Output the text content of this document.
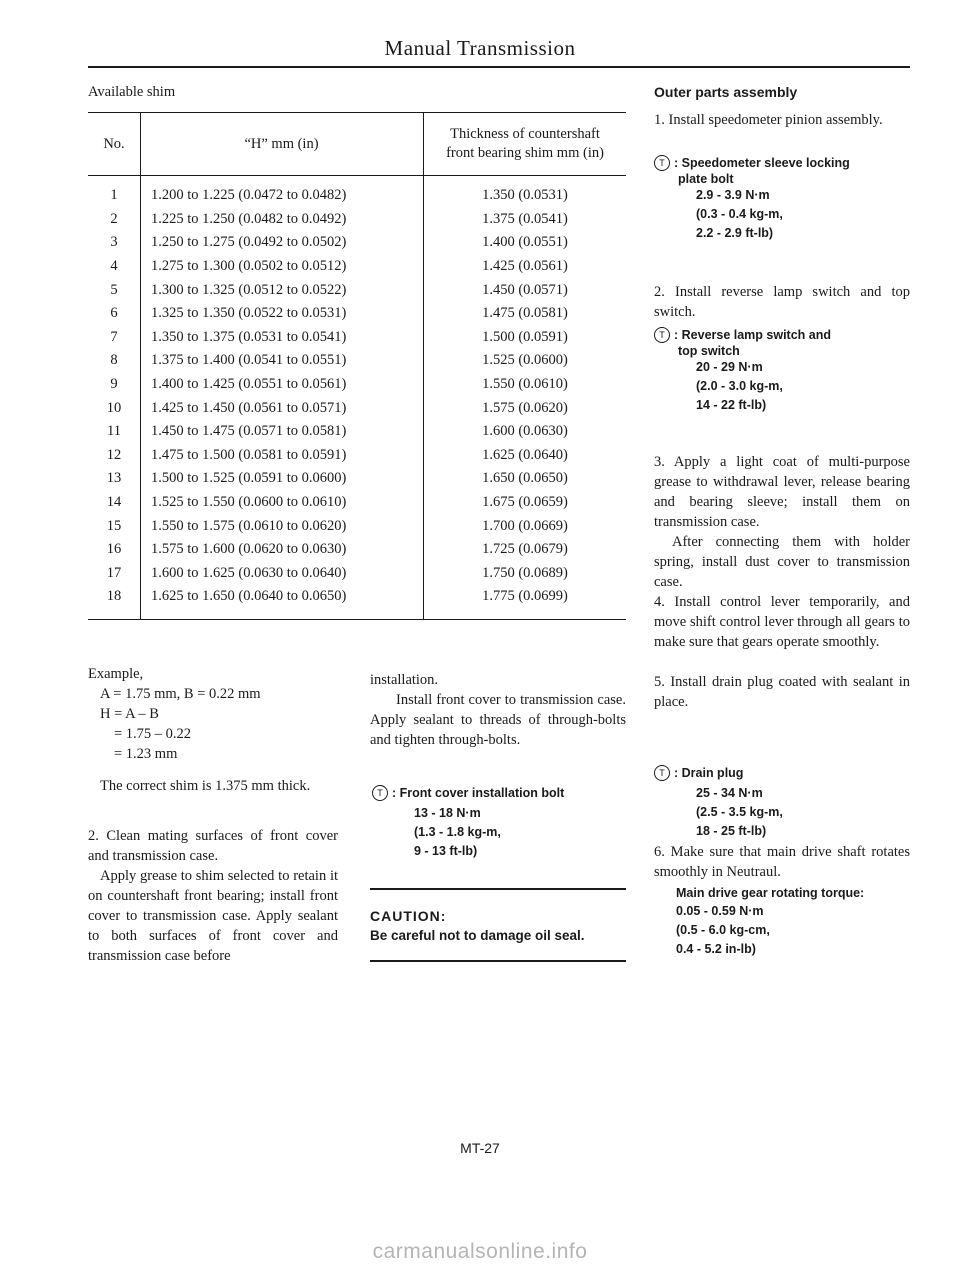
Manual Transmission
Available shim
No.	“H” mm (in)	Thickness of countershaft
front bearing shim mm (in)
1	1.200 to 1.225 (0.0472 to 0.0482)	1.350 (0.0531)
2	1.225 to 1.250 (0.0482 to 0.0492)	1.375 (0.0541)
3	1.250 to 1.275 (0.0492 to 0.0502)	1.400 (0.0551)
4	1.275 to 1.300 (0.0502 to 0.0512)	1.425 (0.0561)
5	1.300 to 1.325 (0.0512 to 0.0522)	1.450 (0.0571)
6	1.325 to 1.350 (0.0522 to 0.0531)	1.475 (0.0581)
7	1.350 to 1.375 (0.0531 to 0.0541)	1.500 (0.0591)
8	1.375 to 1.400 (0.0541 to 0.0551)	1.525 (0.0600)
9	1.400 to 1.425 (0.0551 to 0.0561)	1.550 (0.0610)
10	1.425 to 1.450 (0.0561 to 0.0571)	1.575 (0.0620)
11	1.450 to 1.475 (0.0571 to 0.0581)	1.600 (0.0630)
12	1.475 to 1.500 (0.0581 to 0.0591)	1.625 (0.0640)
13	1.500 to 1.525 (0.0591 to 0.0600)	1.650 (0.0650)
14	1.525 to 1.550 (0.0600 to 0.0610)	1.675 (0.0659)
15	1.550 to 1.575 (0.0610 to 0.0620)	1.700 (0.0669)
16	1.575 to 1.600 (0.0620 to 0.0630)	1.725 (0.0679)
17	1.600 to 1.625 (0.0630 to 0.0640)	1.750 (0.0689)
18	1.625 to 1.650 (0.0640 to 0.0650)	1.775 (0.0699)
Example,
A = 1.75 mm, B = 0.22 mm
H = A – B
= 1.75 – 0.22
= 1.23 mm
The correct shim is 1.375 mm thick.
2. Clean mating surfaces of front cover and transmission case.
Apply grease to shim selected to retain it on countershaft front bearing; install front cover to transmission case. Apply sealant to both surfaces of front cover and transmission case before
installation.
Install front cover to transmission case. Apply sealant to threads of through-bolts and tighten through-bolts.
T : Front cover installation bolt
13 - 18 N·m
(1.3 - 1.8 kg-m,
9 - 13 ft-lb)
CAUTION:
Be careful not to damage oil seal.
Outer parts assembly
1. Install speedometer pinion assembly.
T : Speedometer sleeve locking
plate bolt
2.9 - 3.9 N·m
(0.3 - 0.4 kg-m,
2.2 - 2.9 ft-lb)
2. Install reverse lamp switch and top switch.
T : Reverse lamp switch and
top switch
20 - 29 N·m
(2.0 - 3.0 kg-m,
14 - 22 ft-lb)
3. Apply a light coat of multi-purpose grease to withdrawal lever, release bearing and bearing sleeve; install them on transmission case.
After connecting them with holder spring, install dust cover to transmission case.
4. Install control lever temporarily, and move shift control lever through all gears to make sure that gears operate smoothly.
5. Install drain plug coated with sealant in place.
T : Drain plug
25 - 34 N·m
(2.5 - 3.5 kg-m,
18 - 25 ft-lb)
6. Make sure that main drive shaft rotates smoothly in Neutraul.
Main drive gear rotating torque:
0.05 - 0.59 N·m
(0.5 - 6.0 kg-cm,
0.4 - 5.2 in-lb)
MT-27
carmanualsonline.info
